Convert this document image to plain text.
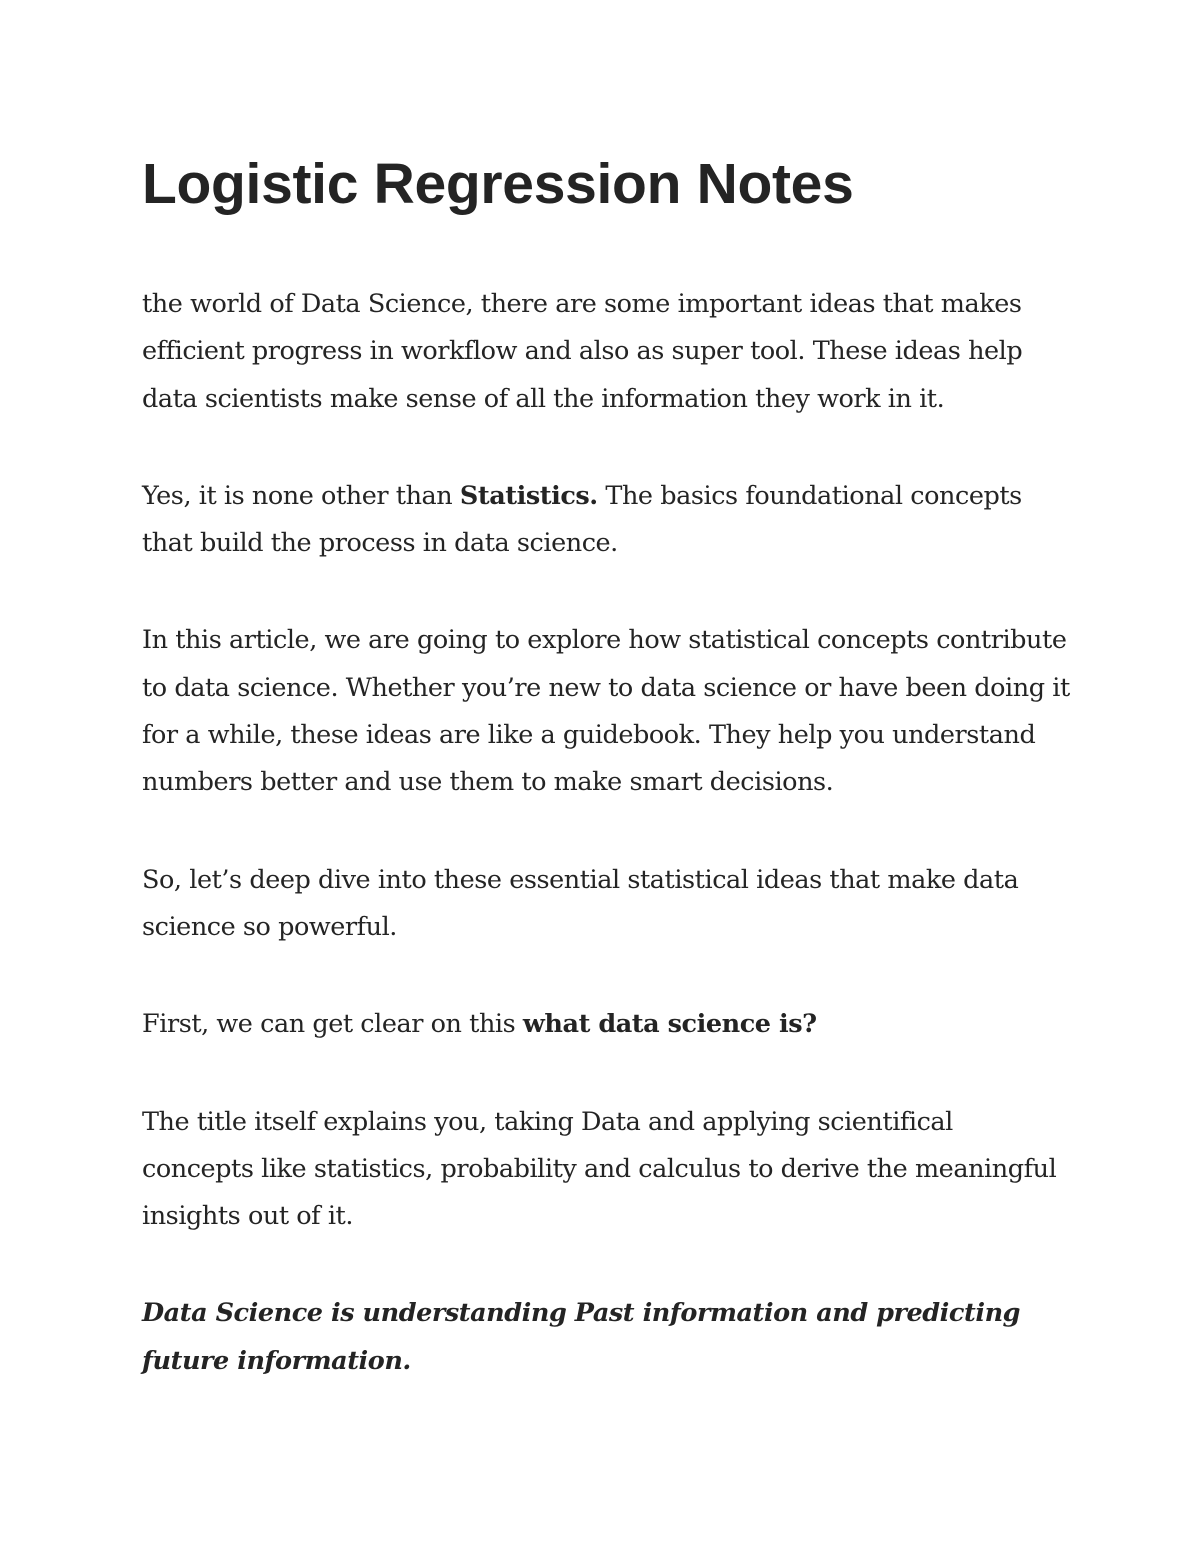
Logistic Regression Notes

the world of Data Science, there are some important ideas that makes efficient progress in workflow and also as super tool. These ideas help data scientists make sense of all the information they work in it.

Yes, it is none other than Statistics. The basics foundational concepts that build the process in data science.

In this article, we are going to explore how statistical concepts contribute to data science. Whether you’re new to data science or have been doing it for a while, these ideas are like a guidebook. They help you understand numbers better and use them to make smart decisions.

So, let’s deep dive into these essential statistical ideas that make data science so powerful.

First, we can get clear on this what data science is?

The title itself explains you, taking Data and applying scientifical concepts like statistics, probability and calculus to derive the meaningful insights out of it.

Data Science is understanding Past information and predicting future information.
